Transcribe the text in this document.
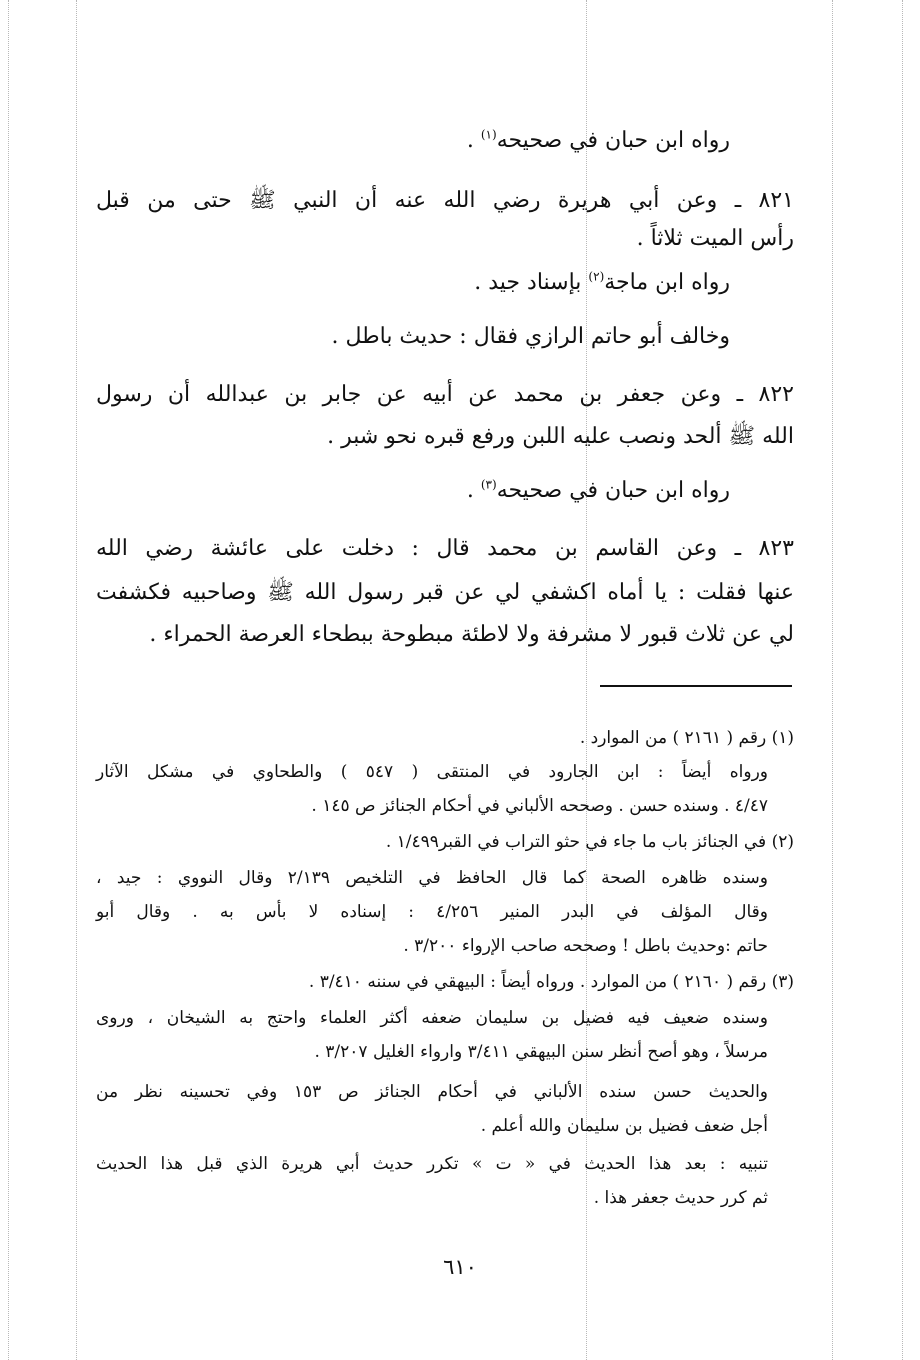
رواه ابن حبان في صحيحه$^{(١)}$ .
٨٢١ ـ وعن أبي هريرة رضي الله عنه أن النبي ﷺ حتى من قبل
رأس الميت ثلاثاً .
رواه ابن ماجة$^{(٢)}$ بإسناد جيد .
وخالف أبو حاتم الرازي فقال : حديث باطل .
٨٢٢ ـ وعن جعفر بن محمد عن أبيه عن جابر بن عبدالله أن رسول
الله ﷺ ألحد ونصب عليه اللبن ورفع قبره نحو شبر .
رواه ابن حبان في صحيحه$^{(٣)}$ .
٨٢٣ ـ وعن القاسم بن محمد قال : دخلت على عائشة رضي الله
عنها فقلت : يا أماه اكشفي لي عن قبر رسول الله ﷺ وصاحبيه فكشفت
لي عن ثلاث قبور لا مشرفة ولا لاطئة مبطوحة ببطحاء العرصة الحمراء .
(١) رقم ( ٢١٦١ ) من الموارد .
ورواه أيضاً : ابن الجارود في المنتقى ( ٥٤٧ ) والطحاوي في مشكل الآثار
٤/٤٧ . وسنده حسن . وصححه الألباني في أحكام الجنائز ص ١٤٥ .
(٢) في الجنائز باب ما جاء في حثو التراب في القبر١/٤٩٩ .
وسنده ظاهره الصحة كما قال الحافظ في التلخيص ٢/١٣٩ وقال النووي : جيد ،
وقال المؤلف في البدر المنير ٤/٢٥٦ : إسناده لا بأس به . وقال أبو
حاتم :وحديث باطل ! وصححه صاحب الإرواء ٣/٢٠٠ .
(٣) رقم ( ٢١٦٠ ) من الموارد . ورواه أيضاً : البيهقي في سننه ٣/٤١٠ .
وسنده ضعيف فيه فضيل بن سليمان ضعفه أكثر العلماء واحتج به الشيخان ، وروى
مرسلاً ، وهو أصح أنظر سنن البيهقي ٣/٤١١ وارواء الغليل ٣/٢٠٧ .
والحديث حسن سنده الألباني في أحكام الجنائز ص ١٥٣ وفي تحسينه نظر من
أجل ضعف فضيل بن سليمان والله أعلم .
تنبيه : بعد هذا الحديث في « ت » تكرر حديث أبي هريرة الذي قبل هذا الحديث
ثم كرر حديث جعفر هذا .
٦١٠
